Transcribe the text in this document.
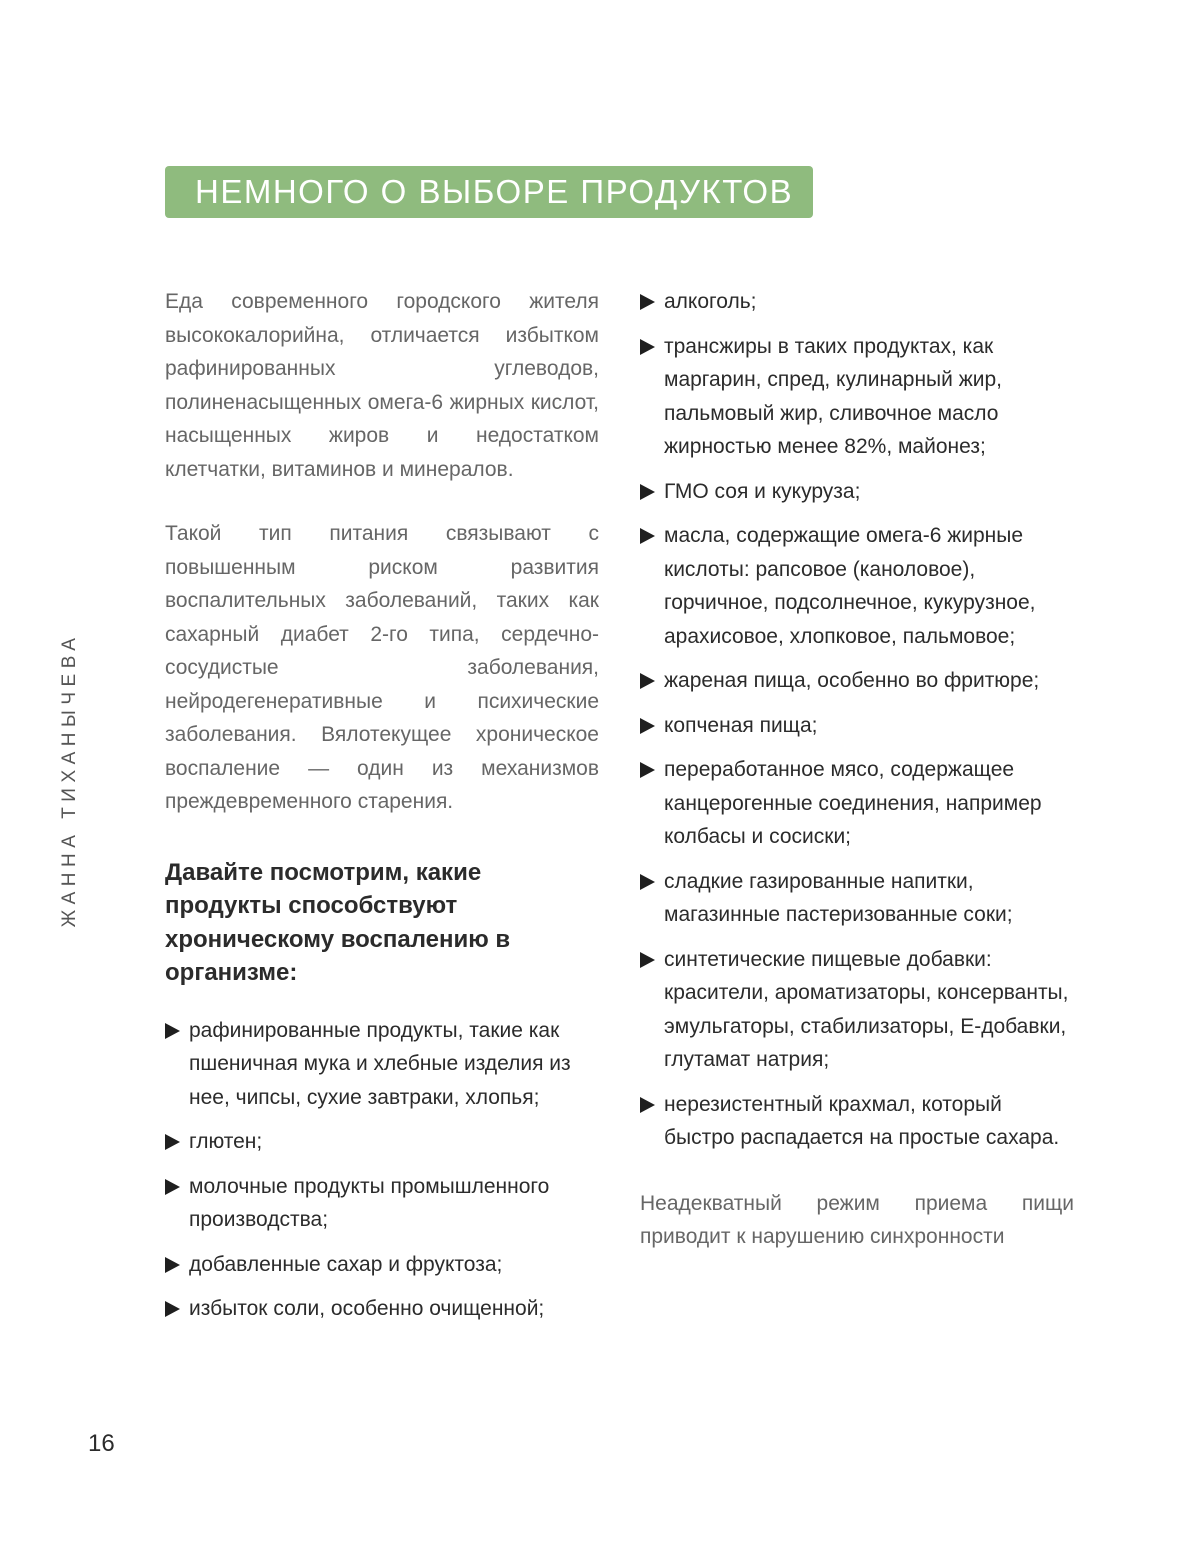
НЕМНОГО О ВЫБОРЕ ПРОДУКТОВ
ЖАННА ТИХАНЫЧЕВА

Еда современного городского жителя высококалорийна, отличается избытком рафинированных углеводов, полиненасыщенных омега-6 жирных кислот, насыщенных жиров и недостатком клетчатки, витаминов и минералов.

Такой тип питания связывают с повышенным риском развития воспалительных заболеваний, таких как сахарный диабет 2-го типа, сердечно-сосудистые заболевания, нейродегенеративные и психические заболевания. Вялотекущее хроническое воспаление — один из механизмов преждевременного старения.

Давайте посмотрим, какие продукты способствуют хроническому воспалению в организме:
рафинированные продукты, такие как пшеничная мука и хлебные изделия из нее, чипсы, сухие завтраки, хлопья;
глютен;
молочные продукты промышленного производства;
добавленные сахар и фруктоза;
избыток соли, особенно очищенной;
алкоголь;
трансжиры в таких продуктах, как маргарин, спред, кулинарный жир, пальмовый жир, сливочное масло жирностью менее 82%, майонез;
ГМО соя и кукуруза;
масла, содержащие омега-6 жирные кислоты: рапсовое (каноловое), горчичное, подсолнечное, кукурузное, арахисовое, хлопковое, пальмовое;
жареная пища, особенно во фритюре;
копченая пища;
переработанное мясо, содержащее канцерогенные соединения, например колбасы и сосиски;
сладкие газированные напитки, магазинные пастеризованные соки;
синтетические пищевые добавки: красители, ароматизаторы, консерванты, эмульгаторы, стабилизаторы, Е-добавки, глутамат натрия;
нерезистентный крахмал, который быстро распадается на простые сахара.

Неадекватный режим приема пищи приводит к нарушению синхронности

16
